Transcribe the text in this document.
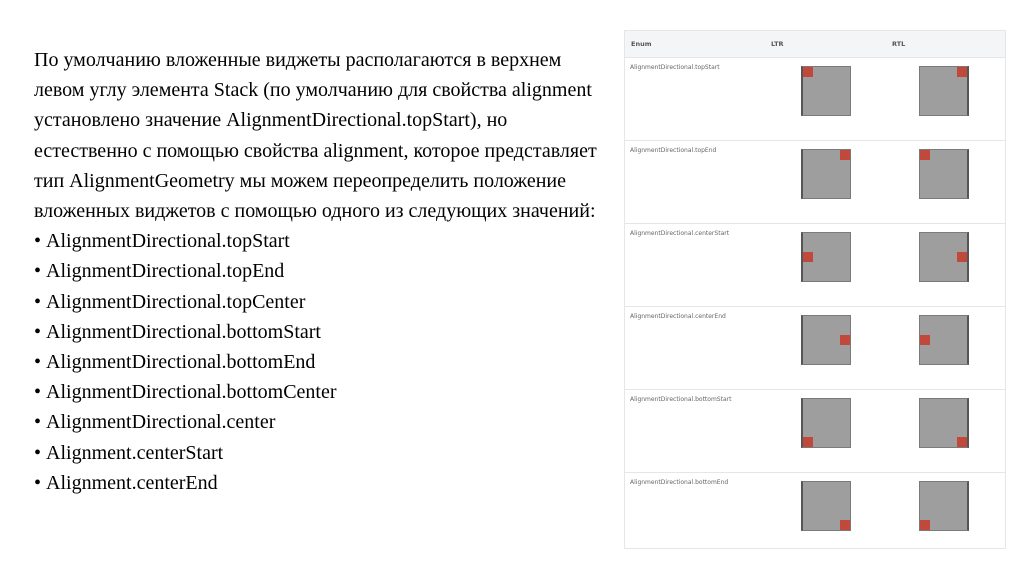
По умолчанию вложенные виджеты располагаются в верхнем левом углу элемента Stack (по умолчанию для свойства alignment установлено значение AlignmentDirectional.topStart), но естественно с помощью свойства alignment, которое представляет тип AlignmentGeometry мы можем переопределить положение вложенных виджетов с помощью одного из следующих значений:

• AlignmentDirectional.topStart
• AlignmentDirectional.topEnd
• AlignmentDirectional.topCenter
• AlignmentDirectional.bottomStart
• AlignmentDirectional.bottomEnd
• AlignmentDirectional.bottomCenter
• AlignmentDirectional.center
• Alignment.centerStart
• Alignment.centerEnd
Enum	LTR	RTL
AlignmentDirectional.topStart
AlignmentDirectional.topEnd
AlignmentDirectional.centerStart
AlignmentDirectional.centerEnd
AlignmentDirectional.bottomStart
AlignmentDirectional.bottomEnd
